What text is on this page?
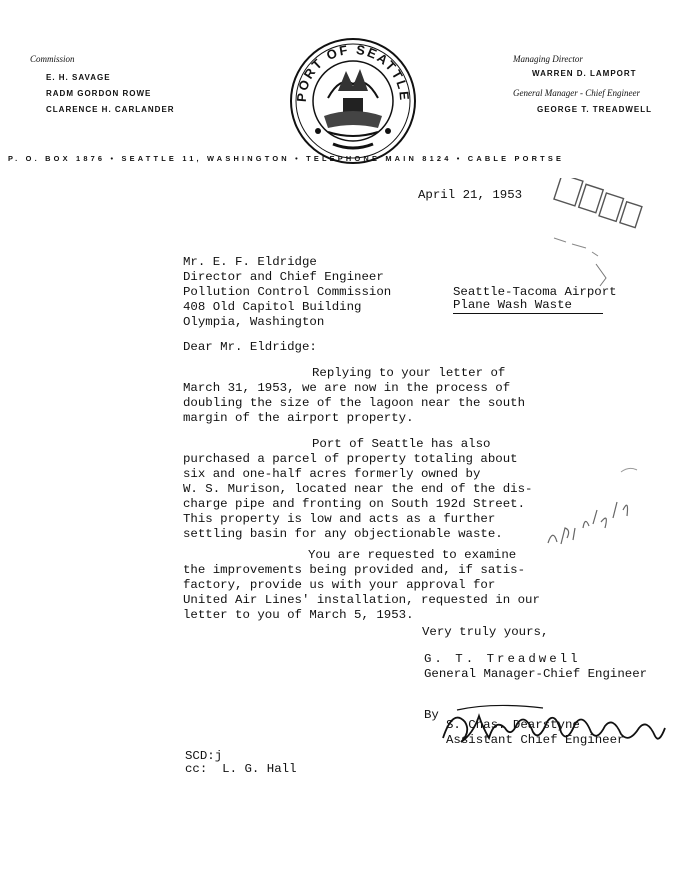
Commission
E. H. SAVAGE
RADM GORDON ROWE
CLARENCE H. CARLANDER

PORT OF SEATTLE

Managing Director
WARREN D. LAMPORT
General Manager - Chief Engineer
GEORGE T. TREADWELL
P. O. BOX 1876 • SEATTLE 11, WASHINGTON • TELEPHONE MAIN 8124 • CABLE PORTSE

April 21, 1953
Mr. E. F. Eldridge
Director and Chief Engineer
Pollution Control Commission
408 Old Capitol Building
Olympia, Washington
Seattle-Tacoma Airport
Plane Wash Waste
Dear Mr. Eldridge:
Replying to your letter of
March 31, 1953, we are now in the process of
doubling the size of the lagoon near the south
margin of the airport property.
Port of Seattle has also
purchased a parcel of property totaling about
six and one-half acres formerly owned by
W. S. Murison, located near the end of the dis-
charge pipe and fronting on South 192d Street.
This property is low and acts as a further
settling basin for any objectionable waste.
You are requested to examine
the improvements being provided and, if satis-
factory, provide us with your approval for
United Air Lines' installation, requested in our
letter to you of March 5, 1953.
Very truly yours,
G. T. Treadwell
General Manager-Chief Engineer

By
S. Chas. Dearstyne
Assistant Chief Engineer
SCD:j
cc:  L. G. Hall
